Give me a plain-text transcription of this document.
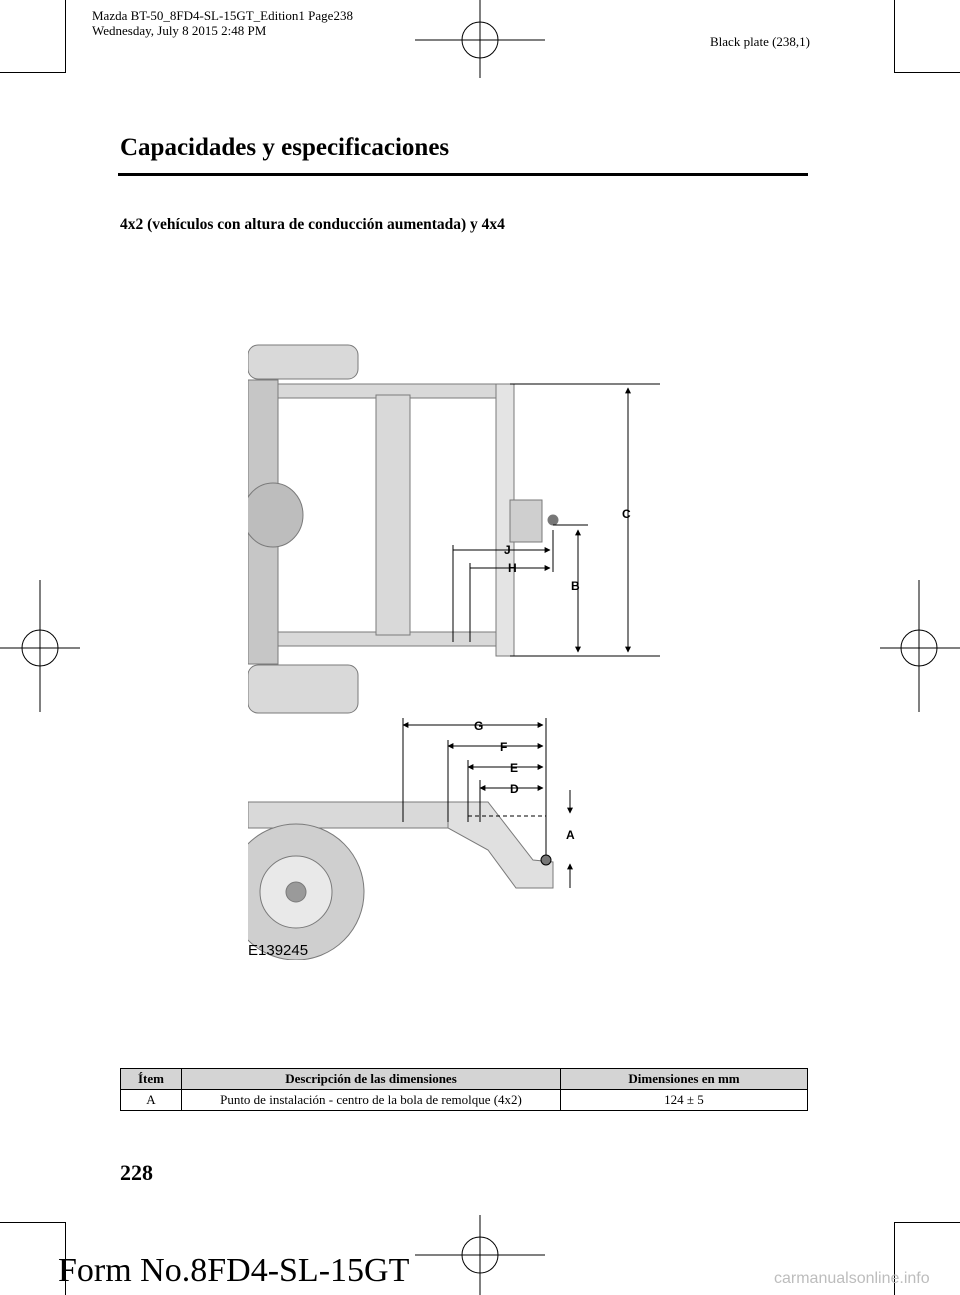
Mazda BT-50_8FD4-SL-15GT_Edition1 Page238
Wednesday, July 8 2015 2:48 PM
Black plate (238,1)
Capacidades y especificaciones
4x2 (vehículos con altura de conducción aumentada) y 4x4
C
B
J
H
G
F
E
D
A
E139245
Ítem	Descripción de las dimensiones	Dimensiones en mm
A	Punto de instalación - centro de la bola de remolque (4x2)	124 ± 5
228
Form No.8FD4-SL-15GT	carmanualsonline.info
